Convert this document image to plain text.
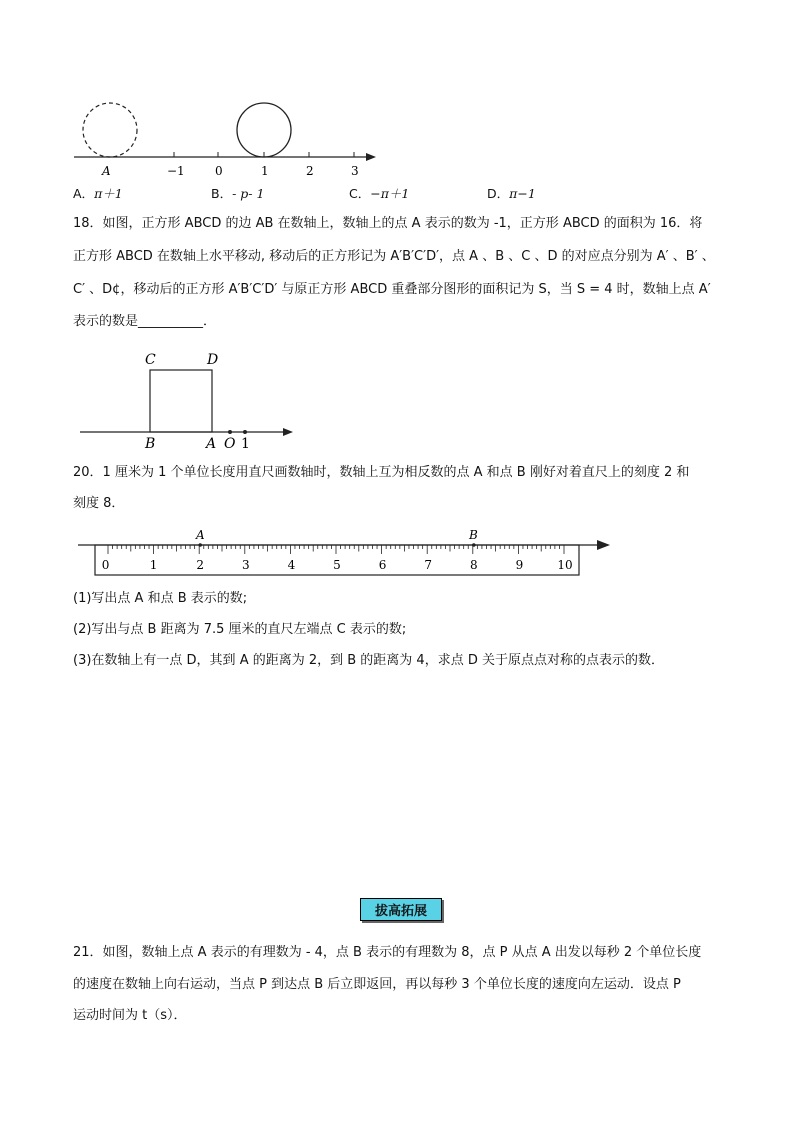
A	−1	0	1	2	3
A．π＋1	B．- p- 1	C．−π＋1	D．π−1
18．如图，正方形 ABCD 的边 AB 在数轴上，数轴上的点 A 表示的数为 -1，正方形 ABCD 的面积为 16．将
正方形 ABCD 在数轴上水平移动, 移动后的正方形记为 A′B′C′D′，点 A 、B 、C 、D 的对应点分别为 A′ 、B′ 、
C′ 、D¢，移动后的正方形 A′B′C′D′ 与原正方形 ABCD 重叠部分图形的面积记为 S，当 S = 4 时，数轴上点 A′
表示的数是__________．
C	D
B	A O 1
20．1 厘米为 1 个单位长度用直尺画数轴时，数轴上互为相反数的点 A 和点 B 刚好对着直尺上的刻度 2 和
刻度 8．
A	B
0	1	2	3	4	5	6	7	8	9	10
(1)写出点 A 和点 B 表示的数;
(2)写出与点 B 距离为 7.5 厘米的直尺左端点 C 表示的数;
(3)在数轴上有一点 D，其到 A 的距离为 2，到 B 的距离为 4，求点 D 关于原点点对称的点表示的数．
拔高拓展
21．如图，数轴上点 A 表示的有理数为 - 4，点 B 表示的有理数为 8，点 P 从点 A 出发以每秒 2 个单位长度
的速度在数轴上向右运动，当点 P 到达点 B 后立即返回，再以每秒 3 个单位长度的速度向左运动．设点 P
运动时间为 t（s）．
